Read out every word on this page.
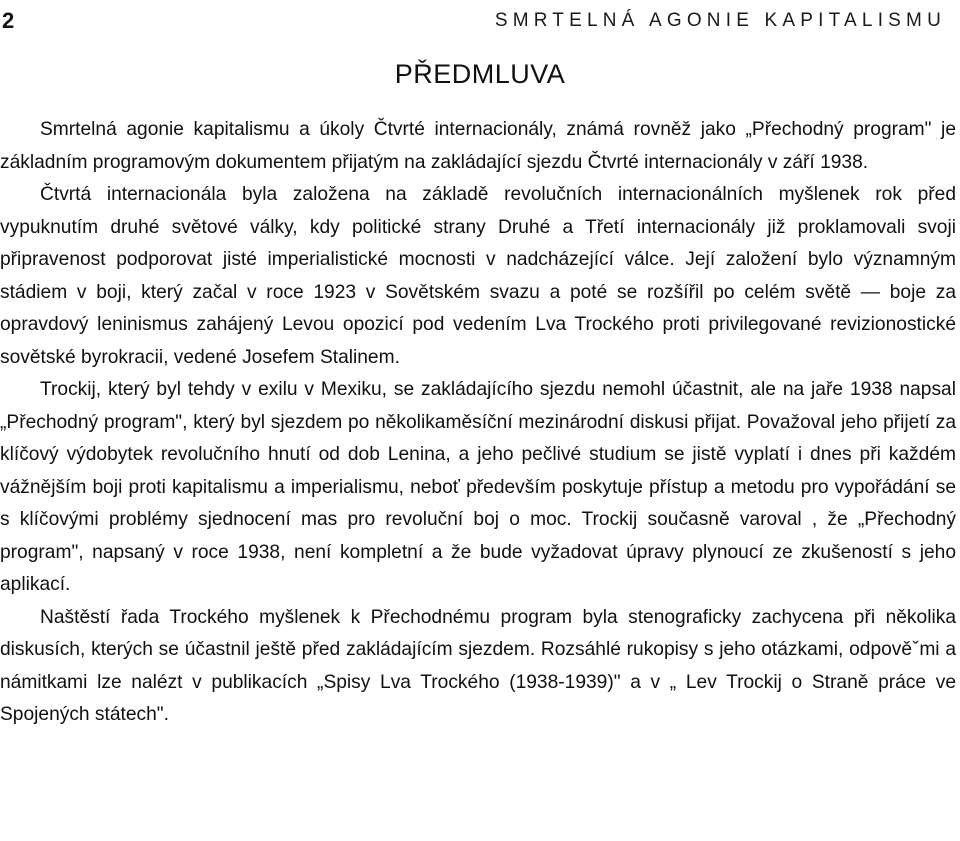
2	SMRTELNÁ AGONIE KAPITALISMU
PŘEDMLUVA

Smrtelná agonie kapitalismu a úkoly Čtvrté internacionály, známá rovněž jako „Přechodný program" je základním programovým dokumentem přijatým na zakládající sjezdu Čtvrté internacionály v září 1938.

Čtvrtá internacionála byla založena na základě revolučních internacionálních myšlenek rok před vypuknutím druhé světové války, kdy politické strany Druhé a Třetí internacionály již proklamovali svoji připravenost podporovat jisté imperialistické mocnosti v nadcházející válce. Její založení bylo významným stádiem v boji, který začal v roce 1923 v Sovětském svazu a poté se rozšířil po celém světě — boje za opravdový leninismus zahájený Levou opozicí pod vedením Lva Trockého proti privilegované revizionostické sovětské byrokracii, vedené Josefem Stalinem.

Trockij, který byl tehdy v exilu v Mexiku, se zakládajícího sjezdu nemohl účastnit, ale na jaře 1938 napsal „Přechodný program", který byl sjezdem po několikaměsíční mezinárodní diskusi přijat. Považoval jeho přijetí za klíčový výdobytek revolučního hnutí od dob Lenina, a jeho pečlivé studium se jistě vyplatí i dnes při každém vážnějším boji proti kapitalismu a imperialismu, neboť především poskytuje přístup a metodu pro vypořádání se s klíčovými problémy sjednocení mas pro revoluční boj o moc. Trockij současně varoval , že „Přechodný program", napsaný v roce 1938, není kompletní a že bude vyžadovat úpravy plynoucí ze zkušeností s jeho aplikací.

Naštěstí řada Trockého myšlenek k Přechodnému program byla stenograficky zachycena při několika diskusích, kterých se účastnil ještě před zakládajícím sjezdem. Rozsáhlé rukopisy s jeho otázkami, odpověˇmi a námitkami lze nalézt v publikacích „Spisy Lva Trockého (1938-1939)" a v „ Lev Trockij o Straně práce ve Spojených státech".
